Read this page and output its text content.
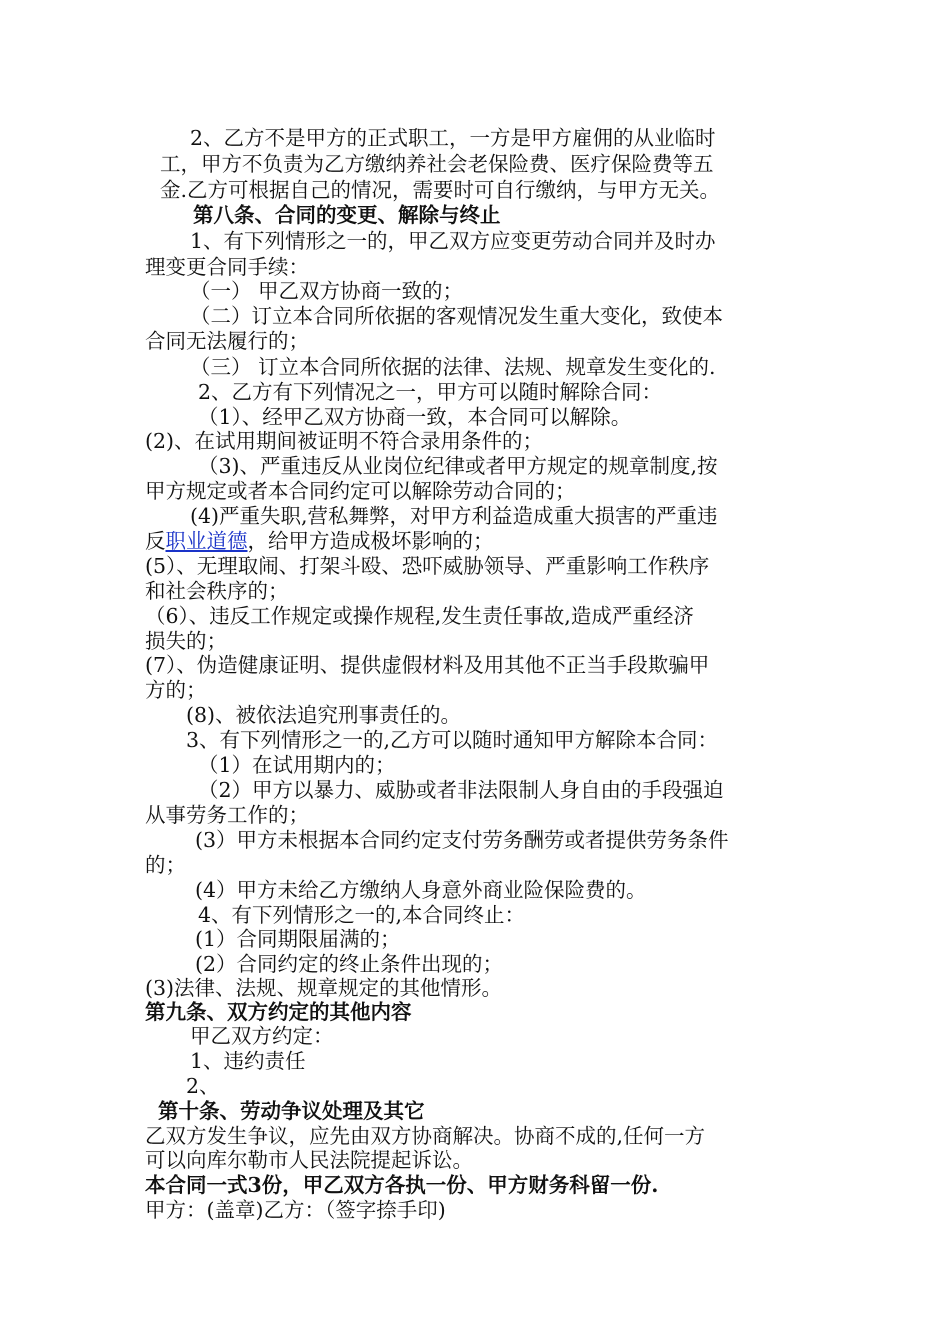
2、乙方不是甲方的正式职工，一方是甲方雇佣的从业临时
工，甲方不负责为乙方缴纳养社会老保险费、医疗保险费等五
金.乙方可根据自己的情况，需要时可自行缴纳，与甲方无关。
第八条、合同的变更、解除与终止
1、有下列情形之一的，甲乙双方应变更劳动合同并及时办
理变更合同手续：
（一） 甲乙双方协商一致的；
（二）订立本合同所依据的客观情况发生重大变化，致使本
合同无法履行的；
（三） 订立本合同所依据的法律、法规、规章发生变化的.
2、乙方有下列情况之一，甲方可以随时解除合同：
（1）、经甲乙双方协商一致，本合同可以解除。
(2)、在试用期间被证明不符合录用条件的；
（3)、严重违反从业岗位纪律或者甲方规定的规章制度,按
甲方规定或者本合同约定可以解除劳动合同的；
(4)严重失职,营私舞弊，对甲方利益造成重大损害的严重违
反职业道德，给甲方造成极坏影响的；
(5）、无理取闹、打架斗殴、恐吓威胁领导、严重影响工作秩序
和社会秩序的；
（6）、违反工作规定或操作规程,发生责任事故,造成严重经济
损失的；
(7）、伪造健康证明、提供虚假材料及用其他不正当手段欺骗甲
方的；
(8)、被依法追究刑事责任的。
3、有下列情形之一的,乙方可以随时通知甲方解除本合同：
（1）在试用期内的；
（2）甲方以暴力、威胁或者非法限制人身自由的手段强迫
从事劳务工作的；
(3）甲方未根据本合同约定支付劳务酬劳或者提供劳务条件
的；
(4）甲方未给乙方缴纳人身意外商业险保险费的。
4、有下列情形之一的,本合同终止：
(1）合同期限届满的；
(2）合同约定的终止条件出现的；
(3)法律、法规、规章规定的其他情形。
第九条、双方约定的其他内容
甲乙双方约定：
1、违约责任
2、
第十条、劳动争议处理及其它
乙双方发生争议，应先由双方协商解决。协商不成的,任何一方
可以向库尔勒市人民法院提起诉讼。
本合同一式3份，甲乙双方各执一份、甲方财务科留一份.
甲方：(盖章)乙方：（签字捺手印)
